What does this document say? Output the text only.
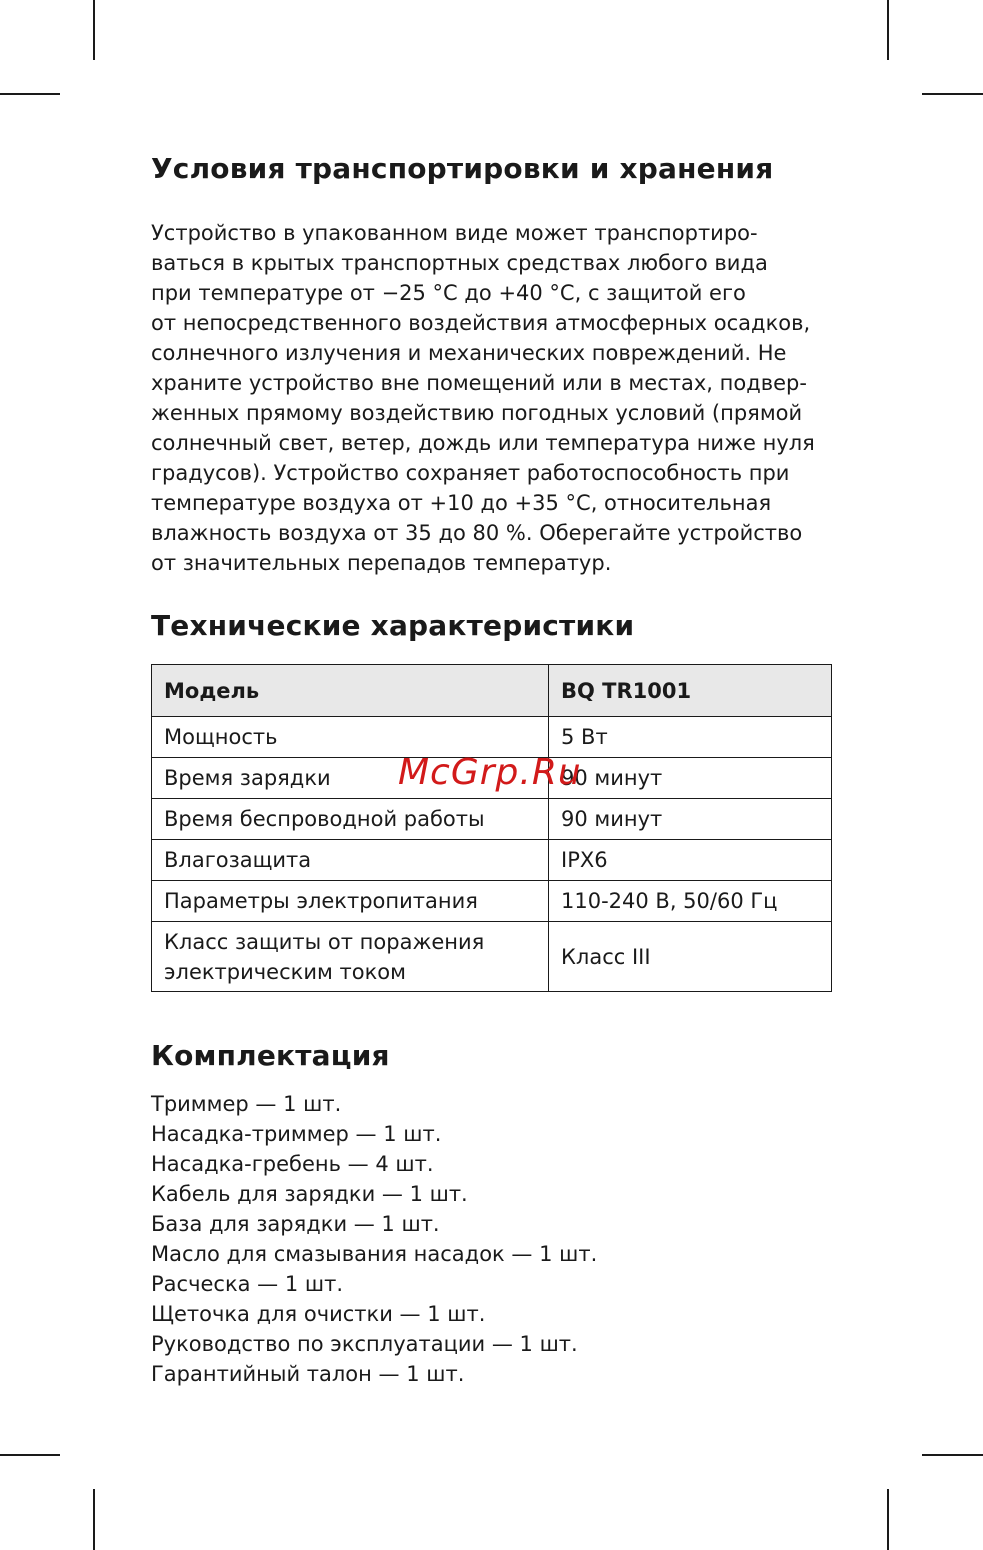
Условия транспортировки и хранения
Устройство в упакованном виде может транспортиро-
ваться в крытых транспортных средствах любого вида
при температуре от −25 °С до +40 °С, с защитой его
от непосредственного воздействия атмосферных осадков,
солнечного излучения и механических повреждений. Не
храните устройство вне помещений или в местах, подвер-
женных прямому воздействию погодных условий (прямой
солнечный свет, ветер, дождь или температура ниже нуля
градусов). Устройство сохраняет работоспособность при
температуре воздуха от +10 до +35 °С, относительная
влажность воздуха от 35 до 80 %. Оберегайте устройство
от значительных перепадов температур.
Технические характеристики
Модель	BQ TR1001
Мощность	5 Вт
Время зарядки	90 минут
Время беспроводной работы	90 минут
Влагозащита	IPX6
Параметры электропитания	110-240 В, 50/60 Гц
Класс защиты от поражения
электрическим током	Класс III
McGrp.Ru
Комплектация
Триммер — 1 шт.
Насадка-триммер — 1 шт.
Насадка-гребень — 4 шт.
Кабель для зарядки — 1 шт.
База для зарядки — 1 шт.
Масло для смазывания насадок — 1 шт.
Расческа — 1 шт.
Щеточка для очистки — 1 шт.
Руководство по эксплуатации — 1 шт.
Гарантийный талон — 1 шт.
